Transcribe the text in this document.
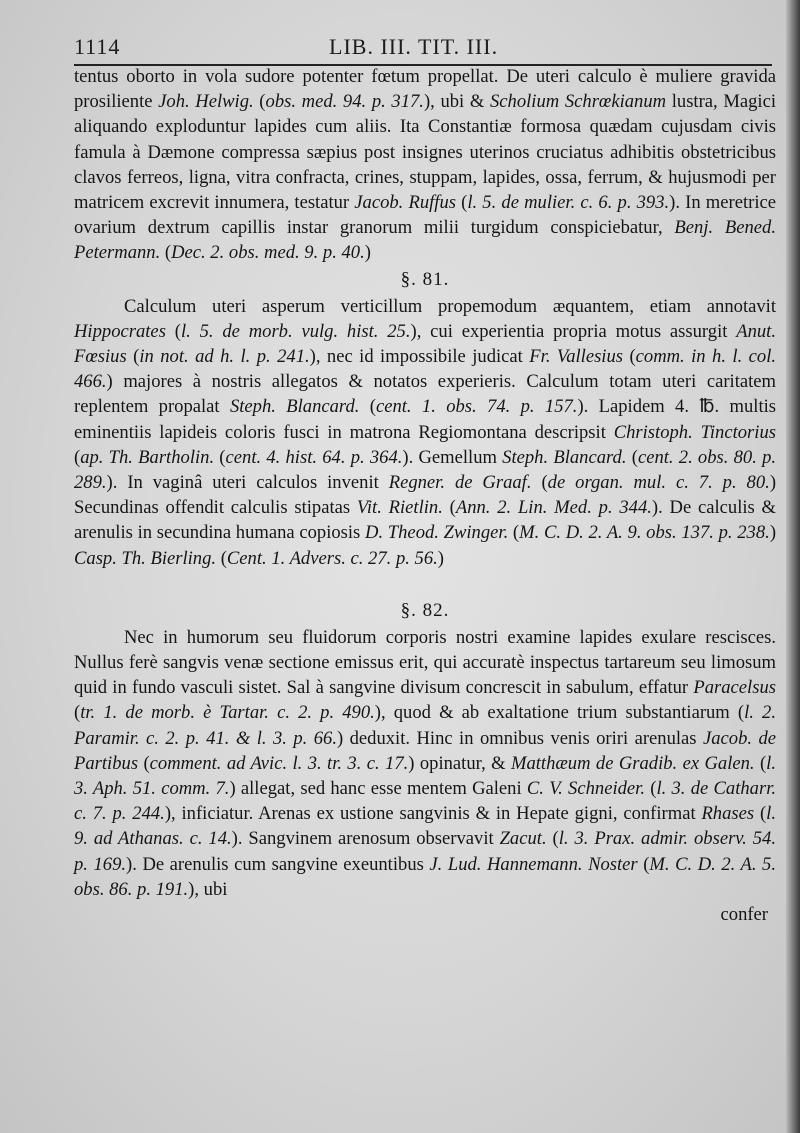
1114	LIB. III. TIT. III.

tentus oborto in vola sudore potenter fœtum propellat. De uteri calculo è muliere gravida prosiliente Joh. Helwig. (obs. med. 94. p. 317.), ubi & Scholium Schrœkianum lustra, Magici aliquando exploduntur lapides cum aliis. Ita Constantiæ formosa quædam cujusdam civis famula à Dæmone compressa sæpius post insignes uterinos cruciatus adhibitis obstetricibus clavos ferreos, ligna, vitra confracta, crines, stuppam, lapides, ossa, ferrum, & hujusmodi per matricem excrevit innumera, testatur Jacob. Ruffus (l. 5. de mulier. c. 6. p. 393.). In meretrice ovarium dextrum capillis instar granorum milii turgidum conspiciebatur, Benj. Bened. Petermann. (Dec. 2. obs. med. 9. p. 40.)

§. 81.

Calculum uteri asperum verticillum propemodum æquantem, etiam annotavit Hippocrates (l. 5. de morb. vulg. hist. 25.), cui experientia propria motus assurgit Anut. Fœsius (in not. ad h. l. p. 241.), nec id impossibile judicat Fr. Vallesius (comm. in h. l. col. 466.) majores à nostris allegatos & notatos experieris. Calculum totam uteri caritatem replentem propalat Steph. Blancard. (cent. 1. obs. 74. p. 157.). Lapidem 4. ℔. multis eminentiis lapideis coloris fusci in matrona Regiomontana descripsit Christoph. Tinctorius (ap. Th. Bartholin. (cent. 4. hist. 64. p. 364.). Gemellum Steph. Blancard. (cent. 2. obs. 80. p. 289.). In vaginâ uteri calculos invenit Regner. de Graaf. (de organ. mul. c. 7. p. 80.) Secundinas offendit calculis stipatas Vit. Rietlin. (Ann. 2. Lin. Med. p. 344.). De calculis & arenulis in secundina humana copiosis D. Theod. Zwinger. (M. C. D. 2. A. 9. obs. 137. p. 238.) Casp. Th. Bierling. (Cent. 1. Advers. c. 27. p. 56.)

§. 82.

Nec in humorum seu fluidorum corporis nostri examine lapides exulare rescisces. Nullus ferè sangvis venæ sectione emissus erit, qui accuratè inspectus tartareum seu limosum quid in fundo vasculi sistet. Sal à sangvine divisum concrescit in sabulum, effatur Paracelsus (tr. 1. de morb. è Tartar. c. 2. p. 490.), quod & ab exaltatione trium substantiarum (l. 2. Paramir. c. 2. p. 41. & l. 3. p. 66.) deduxit. Hinc in omnibus venis oriri arenulas Jacob. de Partibus (comment. ad Avic. l. 3. tr. 3. c. 17.) opinatur, & Matthæum de Gradib. ex Galen. (l. 3. Aph. 51. comm. 7.) allegat, sed hanc esse mentem Galeni C. V. Schneider. (l. 3. de Catharr. c. 7. p. 244.), inficiatur. Arenas ex ustione sangvinis & in Hepate gigni, confirmat Rhases (l. 9. ad Athanas. c. 14.). Sangvinem arenosum observavit Zacut. (l. 3. Prax. admir. observ. 54. p. 169.). De arenulis cum sangvine exeuntibus J. Lud. Hannemann. Noster (M. C. D. 2. A. 5. obs. 86. p. 191.), ubi

confer
